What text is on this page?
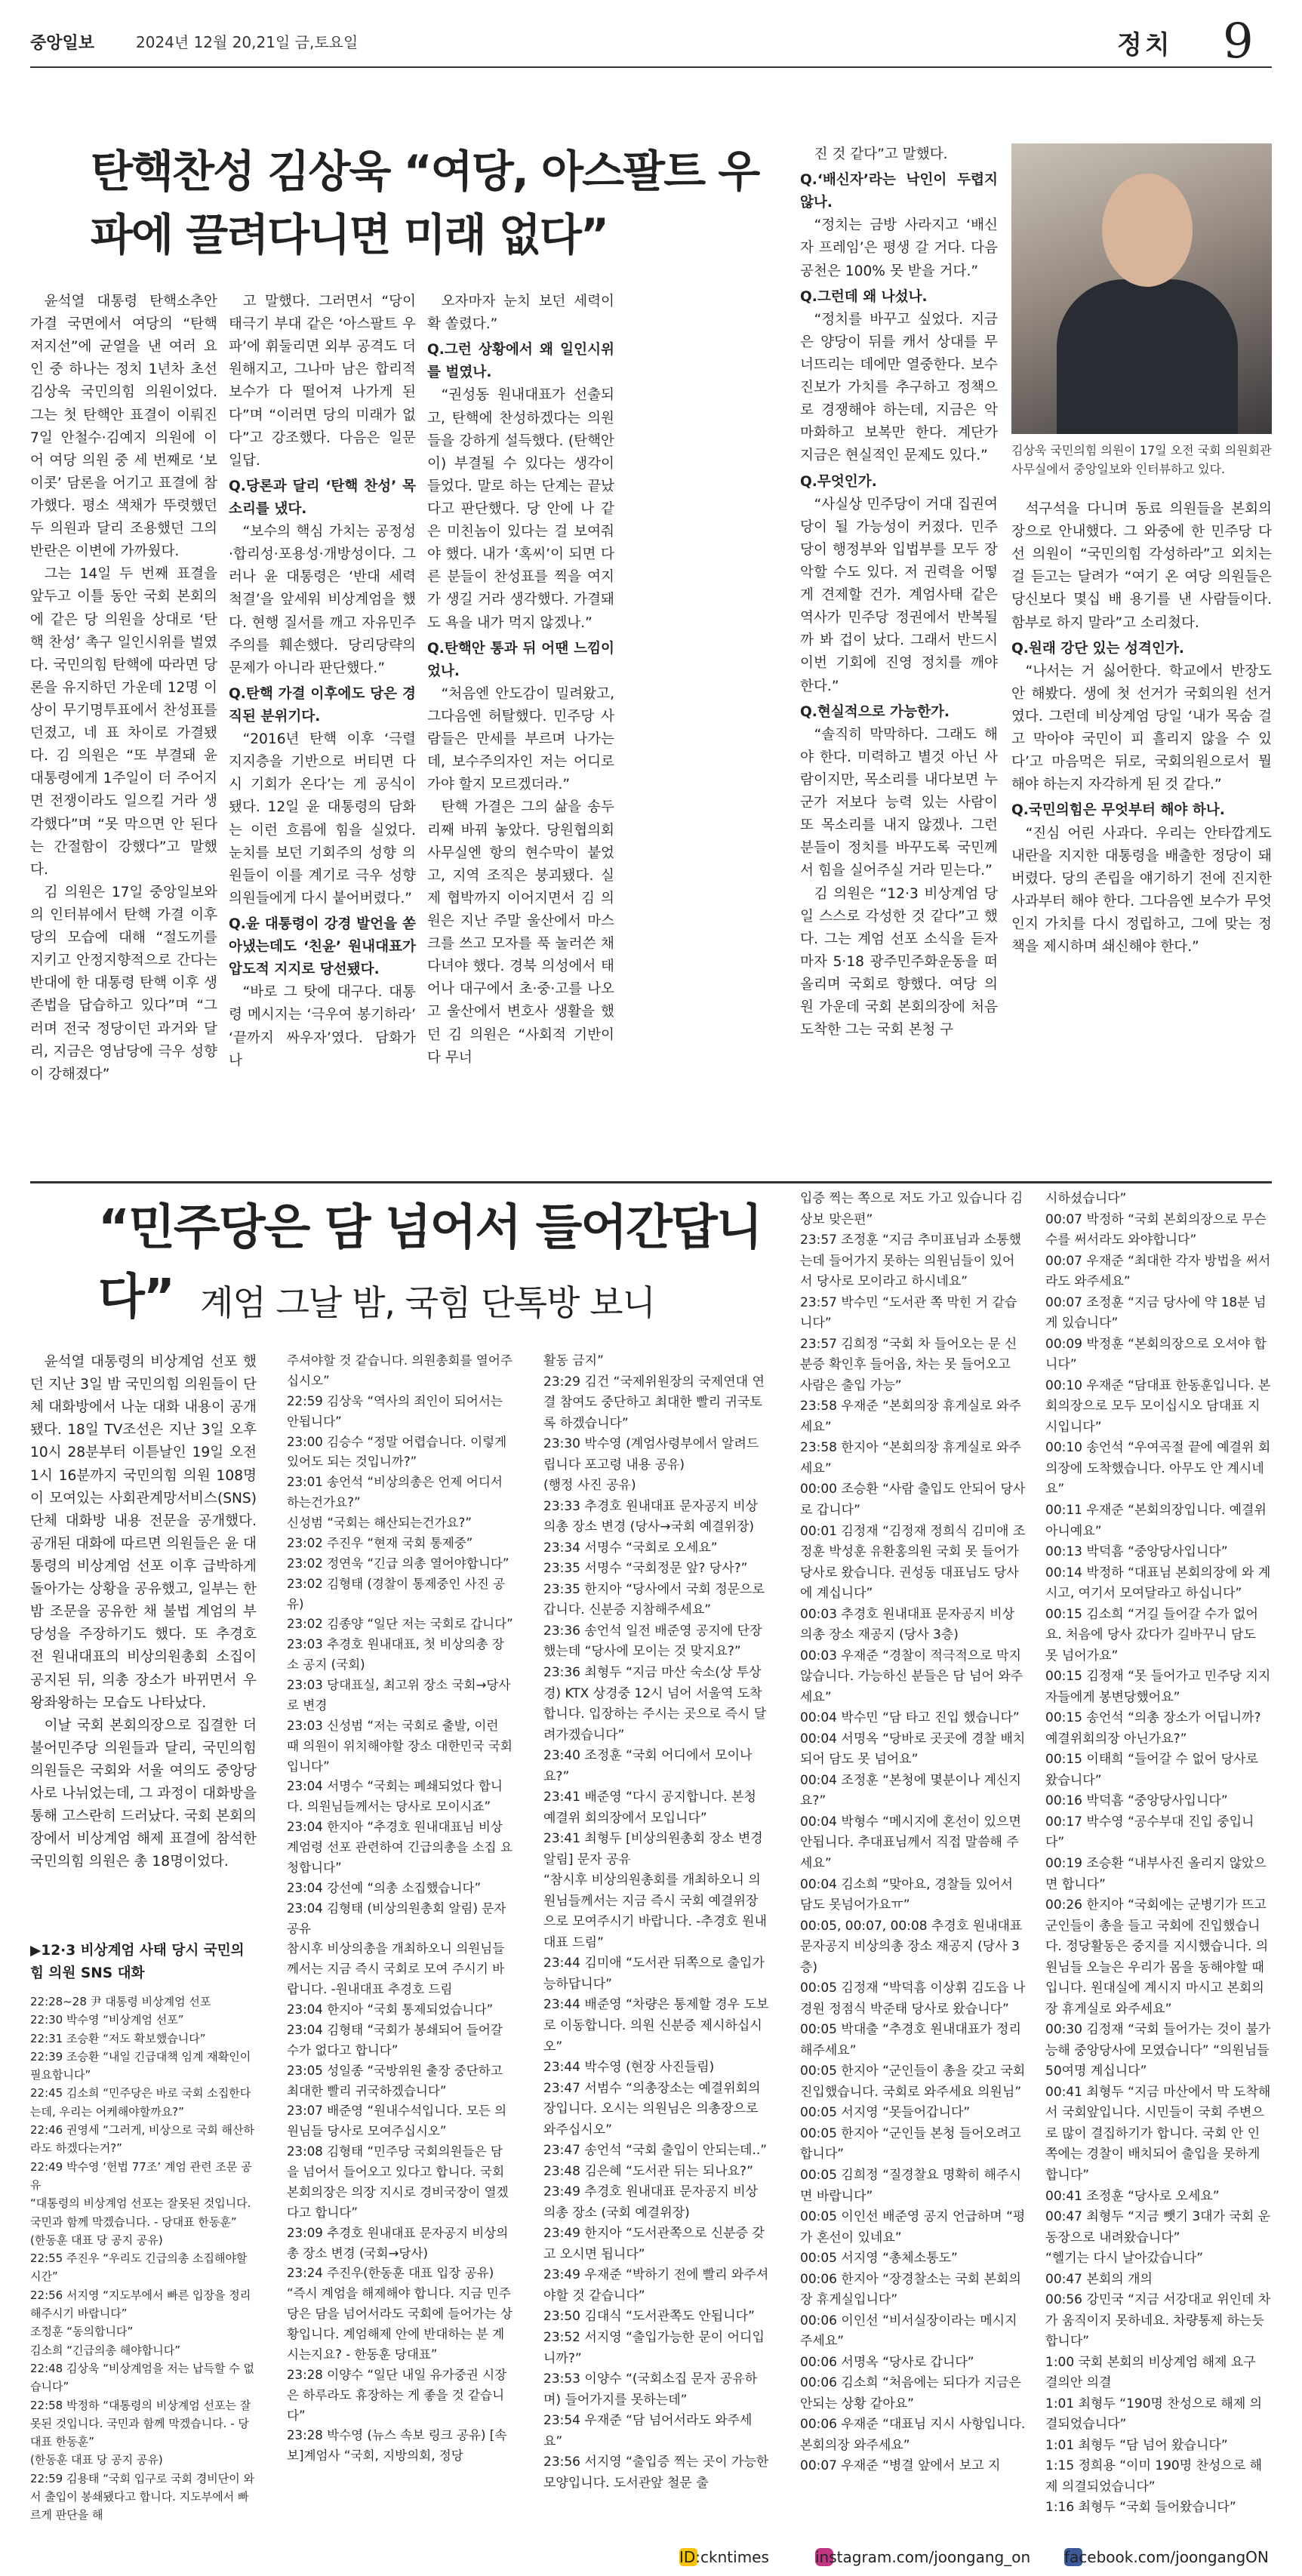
중앙일보	2024년 12월 20,21일 금,토요일	정치 9
탄핵찬성 김상욱 “여당, 아스팔트 우파에 끌려다니면 미래 없다”

윤석열 대통령 탄핵소추안 가결 국면에서 여당의 “탄핵 저지선”에 균열을 낸 여러 요인 중 하나는 정치 1년차 초선 김상욱 국민의힘 의원이었다. 그는 첫 탄핵안 표결이 이뤄진 7일 안철수·김예지 의원에 이어 여당 의원 중 세 번째로 ‘보이콧’ 담론을 어기고 표결에 참가했다. 평소 색채가 뚜렷했던 두 의원과 달리 조용했던 그의 반란은 이변에 가까웠다.

그는 14일 두 번째 표결을 앞두고 이틀 동안 국회 본회의에 같은 당 의원을 상대로 ‘탄핵 찬성’ 촉구 일인시위를 벌였다. 국민의힘 탄핵에 따라면 당론을 유지하던 가운데 12명 이상이 무기명투표에서 찬성표를 던졌고, 네 표 차이로 가결됐다. 김 의원은 “또 부결돼 윤 대통령에게 1주일이 더 주어지면 전쟁이라도 일으킬 거라 생각했다”며 “못 막으면 안 된다는 간절함이 강했다”고 말했다.

김 의원은 17일 중앙일보와의 인터뷰에서 탄핵 가결 이후 당의 모습에 대해 “절도끼를 지키고 안정지향적으로 간다는 반대에 한 대통령 탄핵 이후 생존법을 답습하고 있다”며 “그러며 전국 정당이던 과거와 달리, 지금은 영남당에 극우 성향이 강해졌다”

고 말했다. 그러면서 “당이 태극기 부대 같은 ‘아스팔트 우파’에 휘둘리면 외부 공격도 더 원해지고, 그나마 남은 합리적 보수가 다 떨어져 나가게 된다”며 “이러면 당의 미래가 없다”고 강조했다. 다음은 일문일답.

Q.당론과 달리 ‘탄핵 찬성’ 목소리를 냈다.

“보수의 핵심 가치는 공정성·합리성·포용성·개방성이다. 그러나 윤 대통령은 ‘반대 세력 척결’을 앞세워 비상계엄을 했다. 현행 질서를 깨고 자유민주주의를 훼손했다. 당리당략의 문제가 아니라 판단했다.”

Q.탄핵 가결 이후에도 당은 경직된 분위기다.

“2016년 탄핵 이후 ‘극렬 지지층을 기반으로 버티면 다시 기회가 온다’는 게 공식이 됐다. 12일 윤 대통령의 담화는 이런 흐름에 힘을 실었다. 눈치를 보던 기회주의 성향 의원들이 이를 계기로 극우 성향 의원들에게 다시 붙어버렸다.”

Q.윤 대통령이 강경 발언을 쏟아냈는데도 ‘친윤’ 원내대표가 압도적 지지로 당선됐다.

“바로 그 탓에 대구다. 대통령 메시지는 ‘극우여 봉기하라’ ‘끝까지 싸우자’였다. 담화가 나

오자마자 눈치 보던 세력이 확 쏠렸다.”

Q.그런 상황에서 왜 일인시위를 벌였나.

“권성동 원내대표가 선출되고, 탄핵에 찬성하겠다는 의원들을 강하게 설득했다. (탄핵안이) 부결될 수 있다는 생각이 들었다. 말로 하는 단계는 끝났다고 판단했다. 당 안에 나 같은 미친놈이 있다는 걸 보여줘야 했다. 내가 ‘혹씨’이 되면 다른 분들이 찬성표를 찍을 여지가 생길 거라 생각했다. 가결돼도 욕을 내가 먹지 않겠나.”

Q.탄핵안 통과 뒤 어땐 느낌이었나.

“처음엔 안도감이 밀려왔고, 그다음엔 허탈했다. 민주당 사람들은 만세를 부르며 나가는데, 보수주의자인 저는 어디로 가야 할지 모르겠더라.”

탄핵 가결은 그의 삶을 송두리째 바꿔 놓았다. 당원협의회 사무실엔 항의 현수막이 붙었고, 지역 조직은 붕괴됐다. 실제 협박까지 이어지면서 김 의원은 지난 주말 울산에서 마스크를 쓰고 모자를 푹 눌러쓴 채 다녀야 했다. 경북 의성에서 태어나 대구에서 초·중·고를 나오고 울산에서 변호사 생활을 했던 김 의원은 “사회적 기반이 다 무너

진 것 같다”고 말했다.

Q.‘배신자’라는 낙인이 두렵지 않나.

“정치는 금방 사라지고 ‘배신자 프레임’은 평생 갈 거다. 다음 공천은 100% 못 받을 거다.”

Q.그런데 왜 나섰나.

“정치를 바꾸고 싶었다. 지금은 양당이 뒤를 캐서 상대를 무너뜨리는 데에만 열중한다. 보수진보가 가치를 추구하고 정책으로 경쟁해야 하는데, 지금은 악마화하고 보복만 한다. 계단가 지금은 현실적인 문제도 있다.”

Q.무엇인가.

“사실상 민주당이 거대 집권여당이 될 가능성이 커졌다. 민주당이 행정부와 입법부를 모두 장악할 수도 있다. 저 권력을 어떻게 견제할 건가. 계엄사태 같은 역사가 민주당 정권에서 반복될까 봐 겁이 났다. 그래서 반드시 이번 기회에 진영 정치를 깨야 한다.”

Q.현실적으로 가능한가.

“솔직히 막막하다. 그래도 해야 한다. 미력하고 별것 아닌 사람이지만, 목소리를 내다보면 누군가 저보다 능력 있는 사람이 또 목소리를 내지 않겠나. 그런 분들이 정치를 바꾸도록 국민께서 힘을 실어주실 거라 믿는다.”

김 의원은 “12·3 비상계엄 당일 스스로 각성한 것 같다”고 했다. 그는 계엄 선포 소식을 듣자마자 5·18 광주민주화운동을 떠올리며 국회로 향했다. 여당 의원 가운데 국회 본회의장에 처음 도착한 그는 국회 본청 구

김상욱 국민의힘 의원이 17일 오전 국회 의원회관 사무실에서 중앙일보와 인터뷰하고 있다.

석구석을 다니며 동료 의원들을 본회의장으로 안내했다. 그 와중에 한 민주당 다선 의원이 “국민의힘 각성하라”고 외치는 걸 듣고는 달려가 “여기 온 여당 의원들은 당신보다 몇십 배 용기를 낸 사람들이다. 함부로 하지 말라”고 소리쳤다.

Q.원래 강단 있는 성격인가.

“나서는 거 싫어한다. 학교에서 반장도 안 해봤다. 생에 첫 선거가 국회의원 선거였다. 그런데 비상계엄 당일 ‘내가 목숨 걸고 막아야 국민이 피 흘리지 않을 수 있다’고 마음먹은 뒤로, 국회의원으로서 뭘 해야 하는지 자각하게 된 것 같다.”

Q.국민의힘은 무엇부터 해야 하나.

“진심 어린 사과다. 우리는 안타깝게도 내란을 지지한 대통령을 배출한 정당이 돼 버렸다. 당의 존립을 얘기하기 전에 진지한 사과부터 해야 한다. 그다음엔 보수가 무엇인지 가치를 다시 정립하고, 그에 맞는 정책을 제시하며 쇄신해야 한다.”

“민주당은 담 넘어서 들어간답니다” 계엄 그날 밤, 국힘 단톡방 보니

윤석열 대통령의 비상계엄 선포 했던 지난 3일 밤 국민의힘 의원들이 단체 대화방에서 나눈 대화 내용이 공개됐다. 18일 TV조선은 지난 3일 오후 10시 28분부터 이튿날인 19일 오전 1시 16분까지 국민의힘 의원 108명이 모여있는 사회관계망서비스(SNS) 단체 대화방 내용 전문을 공개했다. 공개된 대화에 따르면 의원들은 윤 대통령의 비상계엄 선포 이후 급박하게 돌아가는 상황을 공유했고, 일부는 한밤 조문을 공유한 채 불법 계엄의 부당성을 주장하기도 했다. 또 추경호 전 원내대표의 비상의원총회 소집이 공지된 뒤, 의총 장소가 바뀌면서 우왕좌왕하는 모습도 나타났다.

이날 국회 본회의장으로 집결한 더불어민주당 의원들과 달리, 국민의힘 의원들은 국회와 서울 여의도 중앙당사로 나뉘었는데, 그 과정이 대화방을 통해 고스란히 드러났다. 국회 본회의장에서 비상계엄 해제 표결에 참석한 국민의힘 의원은 총 18명이었다.

▶12·3 비상계엄 사태 당시 국민의힘 의원 SNS 대화
22:28~28 尹 대통령 비상계엄 선포
22:30 박수영 “비상계엄 선포”
22:31 조승환 “저도 확보했습니다”
22:39 조승환 “내일 긴급대책 임계 재확인이 필요합니다”
22:45 김소희 “민주당은 바로 국회 소집한다는데, 우리는 어케해야할까요?”
22:46 권영세 “그러게, 비상으로 국회 해산하라도 하겠다는거?”
22:49 박수영 ‘헌법 77조’ 계엄 관련 조문 공유
“대통령의 비상계엄 선포는 잘못된 것입니다. 국민과 함께 막겠습니다. - 당대표 한동훈”
(한동훈 대표 당 공지 공유)
22:55 주진우 “우리도 긴급의총 소집해야할 시간”
22:56 서지영 “지도부에서 빠른 입장을 정리해주시기 바랍니다”
조정훈 “동의합니다”
김소희 “긴급의총 해야합니다”
22:48 김상욱 “비상계엄을 저는 납득할 수 없습니다”
22:58 박정하 “대통령의 비상계엄 선포는 잘못된 것입니다. 국민과 함께 막겠습니다. - 당대표 한동훈”
(한동훈 대표 당 공지 공유)
22:59 김용태 “국회 입구로 국회 경비단이 와서 출입이 봉쇄됐다고 합니다. 지도부에서 빠르게 판단을 해
주셔야할 것 같습니다. 의원총회를 열어주십시오”
22:59 김상욱 “역사의 죄인이 되어서는 안됩니다”
23:00 김승수 “정말 어렵습니다. 이렇게 있어도 되는 것입니까?”
23:01 송언석 “비상의총은 언제 어디서 하는건가요?”
신성범 “국회는 해산되는건가요?”
23:02 주진우 “현재 국회 통제중”
23:02 정연욱 “긴급 의총 열어야합니다”
23:02 김형태 (경찰이 통제중인 사진 공유)
23:02 김종양 “일단 저는 국회로 갑니다”
23:03 추경호 원내대표, 첫 비상의총 장소 공지 (국회)
23:03 당대표실, 최고위 장소 국회→당사로 변경
23:03 신성범 “저는 국회로 출발, 이런 때 의원이 위치해야할 장소 대한민국 국회입니다”
23:04 서명수 “국회는 폐쇄되었다 합니다. 의원님들께서는 당사로 모이시죠”
23:04 한지아 “추경호 원내대표님 비상 계엄령 선포 관련하여 긴급의총을 소집 요청합니다”
23:04 강선예 “의총 소집했습니다”
23:04 김형태 (비상의원총회 알림) 문자 공유
참시후 비상의총을 개최하오니 의원님들께서는 지금 즉시 국회로 모여 주시기 바랍니다. -원내대표 추경호 드림
23:04 한지아 “국회 통제되었습니다”
23:04 김형태 “국회가 봉쇄되어 들어갈 수가 없다고 합니다”
23:05 성일종 “국방위원 출장 중단하고 최대한 빨리 귀국하겠습니다”
23:07 배준영 “원내수석입니다. 모든 의원님들 당사로 모여주십시오”
23:08 김형태 “민주당 국회의원들은 담을 넘어서 들어오고 있다고 합니다. 국회 본회의장은 의장 지시로 경비국장이 열겠다고 합니다”
23:09 추경호 원내대표 문자공지 비상의총 장소 변경 (국회→당사)
23:24 주진우(한동훈 대표 입장 공유)
“즉시 계엄을 해제해야 합니다. 지금 민주당은 담을 넘어서라도 국회에 들어가는 상황입니다. 계엄해제 안에 반대하는 분 계시는지요? - 한동훈 당대표”
23:28 이양수 “일단 내일 유가중권 시장은 하루라도 휴장하는 게 좋을 것 같습니다”
23:28 박수영 (뉴스 속보 링크 공유) [속보]계엄사 “국회, 지방의회, 정당
활동 금지”
23:29 김건 “국제위원장의 국제연대 연결 참여도 중단하고 최대한 빨리 귀국토록 하겠습니다”
23:30 박수영 (계엄사령부에서 알려드립니다 포고령 내용 공유)
(행정 사진 공유)
23:33 추경호 원내대표 문자공지 비상의총 장소 변경 (당사→국회 예결위장)
23:34 서명수 “국회로 오세요”
23:35 서명수 “국회정문 앞? 당사?”
23:35 한지아 “당사에서 국회 정문으로 갑니다. 신분증 지참해주세요”
23:36 송언석 일전 배준영 공지에 단장했는데 “당사에 모이는 것 맞지요?”
23:36 최형두 “지금 마산 숙소(상 투상경) KTX 상경중 12시 넘어 서울역 도착합니다. 입장하는 주시는 곳으로 즉시 달려가겠습니다”
23:40 조정훈 “국회 어디에서 모이나요?”
23:41 배준영 “다시 공지합니다. 본청 예결위 회의장에서 모입니다”
23:41 최형두 [비상의원총회 장소 변경 알림] 문자 공유
“참시후 비상의원총회를 개최하오니 의원님들께서는 지금 즉시 국회 예결위장으로 모여주시기 바랍니다. -추경호 원내대표 드림”
23:44 김미애 “도서관 뒤쪽으로 출입가능하답니다”
23:44 배준영 “차량은 통제할 경우 도보로 이동합니다. 의원 신분증 제시하십시오”
23:44 박수영 (현장 사진들림)
23:47 서범수 “의총장소는 예결위회의장입니다. 오시는 의원님은 의총장으로 와주십시오”
23:47 송언석 “국회 출입이 안되는데..”
23:48 김은혜 “도서관 뒤는 되나요?”
23:49 추경호 원내대표 문자공지 비상의총 장소 (국회 예결위장)
23:49 한지아 “도서관쪽으로 신분증 갖고 오시면 됩니다”
23:49 우재준 “박하기 전에 빨리 와주셔야할 것 같습니다”
23:50 김대식 “도서관쪽도 안됩니다”
23:52 서지영 “출입가능한 문이 어디입니까?”
23:53 이양수 “(국회소집 문자 공유하며) 들어가지를 못하는데”
23:54 우재준 “담 넘어서라도 와주세요”
23:56 서지영 “출입증 찍는 곳이 가능한 모양입니다. 도서관앞 철문 출
입증 찍는 쪽으로 저도 가고 있습니다 김상보 맞은편”
23:57 조정훈 “지금 추미표님과 소통했는데 들어가지 못하는 의원님들이 있어서 당사로 모이라고 하시네요”
23:57 박수민 “도서관 쪽 막힌 거 같습니다”
23:57 김희정 “국회 차 들어오는 문 신분증 확인후 들어옵, 차는 못 들어오고 사람은 출입 가능”
23:58 우재준 “본회의장 휴게실로 와주세요”
23:58 한지아 “본회의장 휴게실로 와주세요”
00:00 조승환 “사람 출입도 안되어 당사로 갑니다”
00:01 김정재 “김정재 정희식 김미애 조정훈 박성훈 유환홍의원 국회 못 들어가 당사로 왔습니다. 권성동 대표님도 당사에 계십니다”
00:03 추경호 원내대표 문자공지 비상의총 장소 재공지 (당사 3층)
00:03 우재준 “경찰이 적극적으로 막지 않습니다. 가능하신 분들은 담 넘어 와주세요”
00:04 박수민 “담 타고 진입 했습니다”
00:04 서명옥 “당바로 곳곳에 경찰 배치되어 담도 못 넘어요”
00:04 조정훈 “본청에 몇분이나 계신지요?”
00:04 박형수 “메시지에 혼선이 있으면 안됩니다. 추대표님께서 직접 말씀해 주세요”
00:04 김소희 “맞아요, 경찰들 있어서 담도 못넘어가요ㅠ”
00:05, 00:07, 00:08 추경호 원내대표 문자공지 비상의총 장소 재공지 (당사 3층)
00:05 김정재 “박덕흠 이상휘 김도읍 나경원 정점식 박준태 당사로 왔습니다”
00:05 박대출 “추경호 원내대표가 정리해주세요”
00:05 한지아 “군인들이 총을 갖고 국회 진입했습니다. 국회로 와주세요 의원님”
00:05 서지영 “못들어갑니다”
00:05 한지아 “군인들 본청 들어오려고 합니다”
00:05 김희정 “질경찰요 명확히 해주시면 바랍니다”
00:05 이인선 배준영 공지 언급하며 “평가 혼선이 있네요”
00:05 서지영 “총체소통도”
00:06 한지아 “장경찰소는 국회 본회의장 휴게실입니다”
00:06 이인선 “비서실장이라는 메시지 주세요”
00:06 서명옥 “당사로 갑니다”
00:06 김소희 “처음에는 되다가 지금은 안되는 상황 같아요”
00:06 우재준 “대표님 지시 사항입니다. 본회의장 와주세요”
00:07 우재준 “병결 앞에서 보고 지
시하셨습니다”
00:07 박정하 “국회 본회의장으로 무슨 수를 써서라도 와야합니다”
00:07 우재준 “최대한 각자 방법을 써서라도 와주세요”
00:07 조정훈 “지금 당사에 약 18분 넘게 있습니다”
00:09 박정훈 “본회의장으로 오셔야 합니다”
00:10 우재준 “담대표 한동훈입니다. 본회의장으로 모두 모이십시오 담대표 지시입니다”
00:10 송언석 “우여곡절 끝에 예결위 회의장에 도착했습니다. 아무도 안 계시네요”
00:11 우재준 “본회의장입니다. 예결위 아니예요”
00:13 박덕흠 “중앙당사입니다”
00:14 박정하 “대표님 본회의장에 와 계시고, 여기서 모여달라고 하십니다”
00:15 김소희 “거길 들어갈 수가 없어요. 처음에 당사 갔다가 길바꾸니 담도 못 넘어가요”
00:15 김정재 “못 들어가고 민주당 지지자들에게 봉변당했어요”
00:15 송언석 “의총 장소가 어딥니까? 예결위회의장 아닌가요?”
00:15 이태희 “들어갈 수 없어 당사로 왔습니다”
00:16 박덕흠 “중앙당사입니다”
00:17 박수영 “공수부대 진입 중입니다”
00:19 조승환 “내부사진 올리지 않았으면 합니다”
00:26 한지아 “국회에는 군병기가 뜨고 군인들이 총을 들고 국회에 진입했습니다. 정당활동은 중지를 지시했습니다. 의원님들 오늘은 우리가 몸을 동해야할 때입니다. 원대실에 계시지 마시고 본회의장 휴게실로 와주세요”
00:30 김정재 “국회 들어가는 것이 불가능해 중앙당사에 모였습니다” “의원님들 50여명 계십니다”
00:41 최형두 “지금 마산에서 막 도착해서 국회앞입니다. 시민들이 국회 주변으로 많이 결집하기가 합니다. 국회 안 인쪽에는 경찰이 배치되어 출입을 못하게 합니다”
00:41 조정훈 “당사로 오세요”
00:47 최형두 “지금 뺏기 3대가 국회 운동장으로 내려왔습니다”
“헬기는 다시 날아갔습니다”
00:47 본회의 개의
00:56 강민국 “지금 서강대교 위인데 차가 움직이지 못하네요. 차량통제 하는듯합니다”
1:00 국회 본회의 비상계엄 해제 요구 결의안 의결
1:01 최형두 “190명 찬성으로 해제 의결되었습니다”
1:01 최형두 “담 넘어 왔습니다”
1:15 정희용 “이미 190명 찬성으로 해제 의결되었습니다”
1:16 최형두 “국회 들어왔습니다”
ID:ckntimes	instagram.com/joongang_on facebook.com/joongangON
